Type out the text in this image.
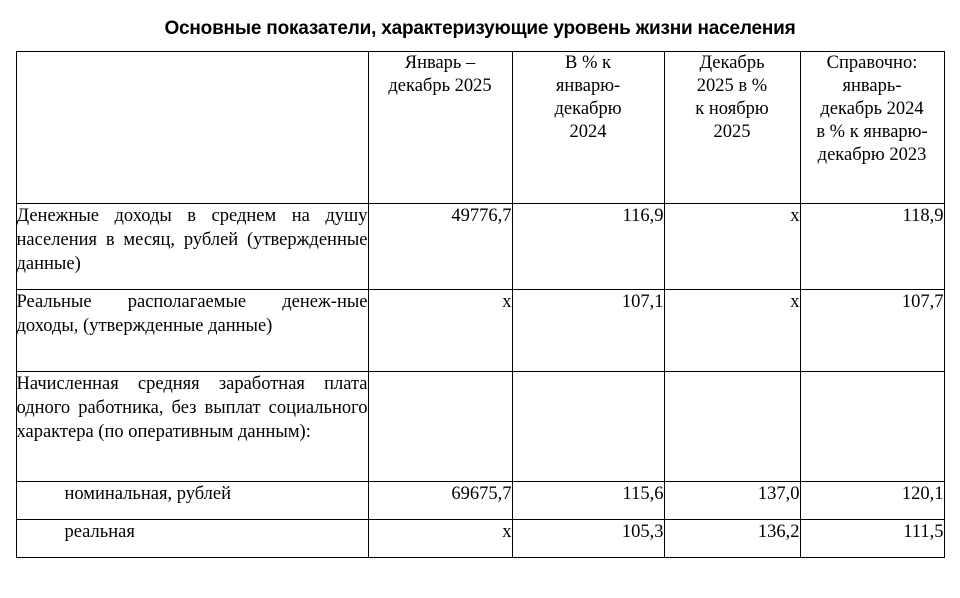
Основные показатели, характеризующие уровень жизни населения

	Январь –
декабрь 2025	В % к
январю-
декабрю
2024	Декабрь
2025 в %
к ноябрю
2025	Справочно:
январь-
декабрь 2024
в % к январю-
декабрю 2023

Денежные доходы в среднем на душу населения в месяц, рублей (утвержденные данные)	49776,7	116,9	х	118,9
Реальные располагаемые денеж-ные доходы, (утвержденные данные)	х	107,1	х	107,7
Начисленная средняя заработная плата одного работника, без выплат социального характера (по оперативным данным):				
номинальная, рублей	69675,7	115,6	137,0	120,1
реальная	х	105,3	136,2	111,5
